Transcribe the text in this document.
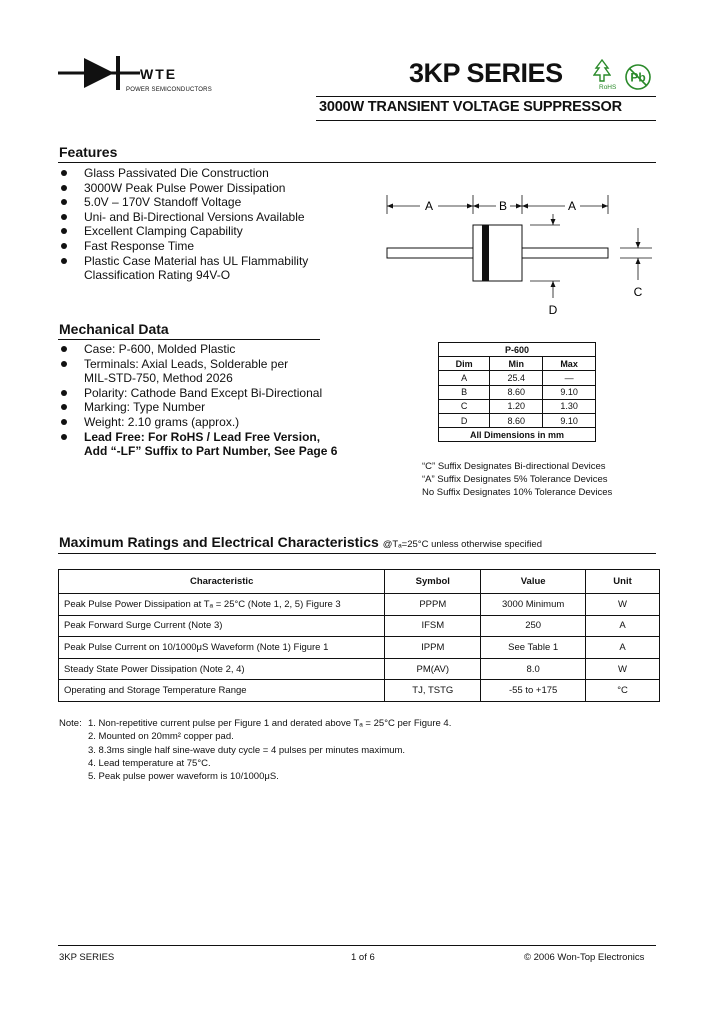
WTE
POWER SEMICONDUCTORS
3KP SERIES	RoHS
Pb
3000W TRANSIENT VOLTAGE SUPPRESSOR
Features
Glass Passivated Die Construction
3000W Peak Pulse Power Dissipation
5.0V – 170V Standoff Voltage
Uni- and Bi-Directional Versions Available
Excellent Clamping Capability
Fast Response Time
Plastic Case Material has UL Flammability
Classification Rating 94V-O
A	B	A
D
C
Mechanical Data
Case: P-600, Molded Plastic
Terminals: Axial Leads, Solderable per
MIL-STD-750, Method 2026
Polarity: Cathode Band Except Bi-Directional
Marking: Type Number
Weight: 2.10 grams (approx.)
Lead Free: For RoHS / Lead Free Version,
Add “-LF” Suffix to Part Number, See Page 6
P-600		
Dim	Min	Max
A	25.4	—
B	8.60	9.10
C	1.20	1.30
D	8.60	9.10
All Dimensions in mm		
“C” Suffix Designates Bi-directional Devices
“A” Suffix Designates 5% Tolerance Devices
No Suffix Designates 10% Tolerance Devices
Maximum Ratings and Electrical Characteristics @Tₐ=25°C unless otherwise specified
Characteristic	Symbol	Value	Unit
Peak Pulse Power Dissipation at Tₐ = 25°C (Note 1, 2, 5) Figure 3	PPPM	3000 Minimum	W
Peak Forward Surge Current (Note 3)	IFSM	250	A
Peak Pulse Current on 10/1000μS Waveform (Note 1) Figure 1	IPPM	See Table 1	A
Steady State Power Dissipation (Note 2, 4)	PM(AV)	8.0	W
Operating and Storage Temperature Range	TJ, TSTG	-55 to +175	°C
Note: 1. Non-repetitive current pulse per Figure 1 and derated above Tₐ = 25°C per Figure 4.
2. Mounted on 20mm² copper pad.
3. 8.3ms single half sine-wave duty cycle = 4 pulses per minutes maximum.
4. Lead temperature at 75°C.
5. Peak pulse power waveform is 10/1000μS.
3KP SERIES	1 of 6	© 2006 Won-Top Electronics
